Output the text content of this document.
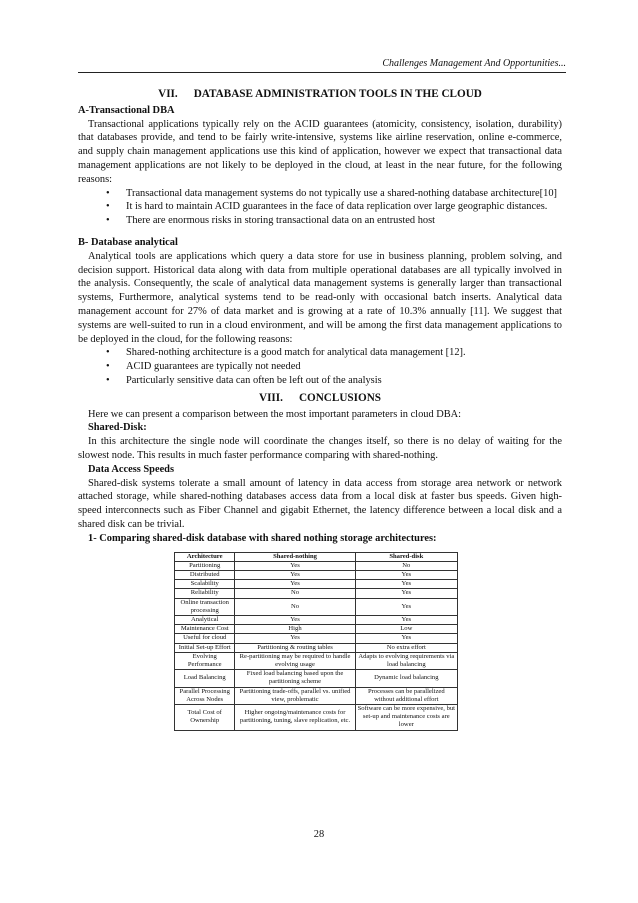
Challenges Management And Opportunities...
VII. DATABASE ADMINISTRATION TOOLS IN THE CLOUD

A-Transactional DBA

Transactional applications typically rely on the ACID guarantees (atomicity, consistency, isolation, durability) that databases provide, and tend to be fairly write-intensive, systems like airline reservation, online e-commerce, and supply chain management applications use this kind of application, however we expect that transactional data management applications are not likely to be deployed in the cloud, at least in the near future, for the following reasons:

• Transactional data management systems do not typically use a shared-nothing database architecture[10]
• It is hard to maintain ACID guarantees in the face of data replication over large geographic distances.
• There are enormous risks in storing transactional data on an entrusted host

B- Database analytical

Analytical tools are applications which query a data store for use in business planning, problem solving, and decision support. Historical data along with data from multiple operational databases are all typically involved in the analysis. Consequently, the scale of analytical data management systems is generally larger than transactional systems, Furthermore, analytical systems tend to be read-only with occasional batch inserts. Analytical data management account for 27% of data market and is growing at a rate of 10.3% annually [11]. We suggest that systems are well-suited to run in a cloud environment, and will be among the first data management applications to be deployed in the cloud, for the following reasons:

• Shared-nothing architecture is a good match for analytical data management [12].
• ACID guarantees are typically not needed
• Particularly sensitive data can often be left out of the analysis
VIII. CONCLUSIONS

Here we can present a comparison between the most important parameters in cloud DBA:

Shared-Disk:

In this architecture the single node will coordinate the changes itself, so there is no delay of waiting for the slowest node. This results in much faster performance comparing with shared-nothing.

Data Access Speeds

Shared-disk systems tolerate a small amount of latency in data access from storage area network or network attached storage, while shared-nothing databases access data from a local disk at faster bus speeds. Given high-speed interconnects such as Fiber Channel and gigabit Ethernet, the latency difference between a local disk and a shared disk can be trivial.

1- Comparing shared-disk database with shared nothing storage architectures:

Architecture	Shared-nothing	Shared-disk
Partitioning	Yes	No
Distributed	Yes	Yes
Scalability	Yes	Yes
Reliability	No	Yes
Online transaction processing	No	Yes
Analytical	Yes	Yes
Maintenance Cost	High	Low
Useful for cloud	Yes	Yes
Initial Set-up Effort	Partitioning & routing tables	No extra effort
Evolving Performance	Re-partitioning may be required to handle evolving usage	Adapts to evolving requirements via load balancing
Load Balancing	Fixed load balancing based upon the partitioning scheme	Dynamic load balancing
Parallel Processing Across Nodes	Partitioning trade-offs, parallel vs. unified view, problematic	Processes can be parallelized without additional effort
Total Cost of Ownership	Higher ongoing/maintenance costs for partitioning, tuning, slave replication, etc.	Software can be more expensive, but set-up and maintenance costs are lower
28
